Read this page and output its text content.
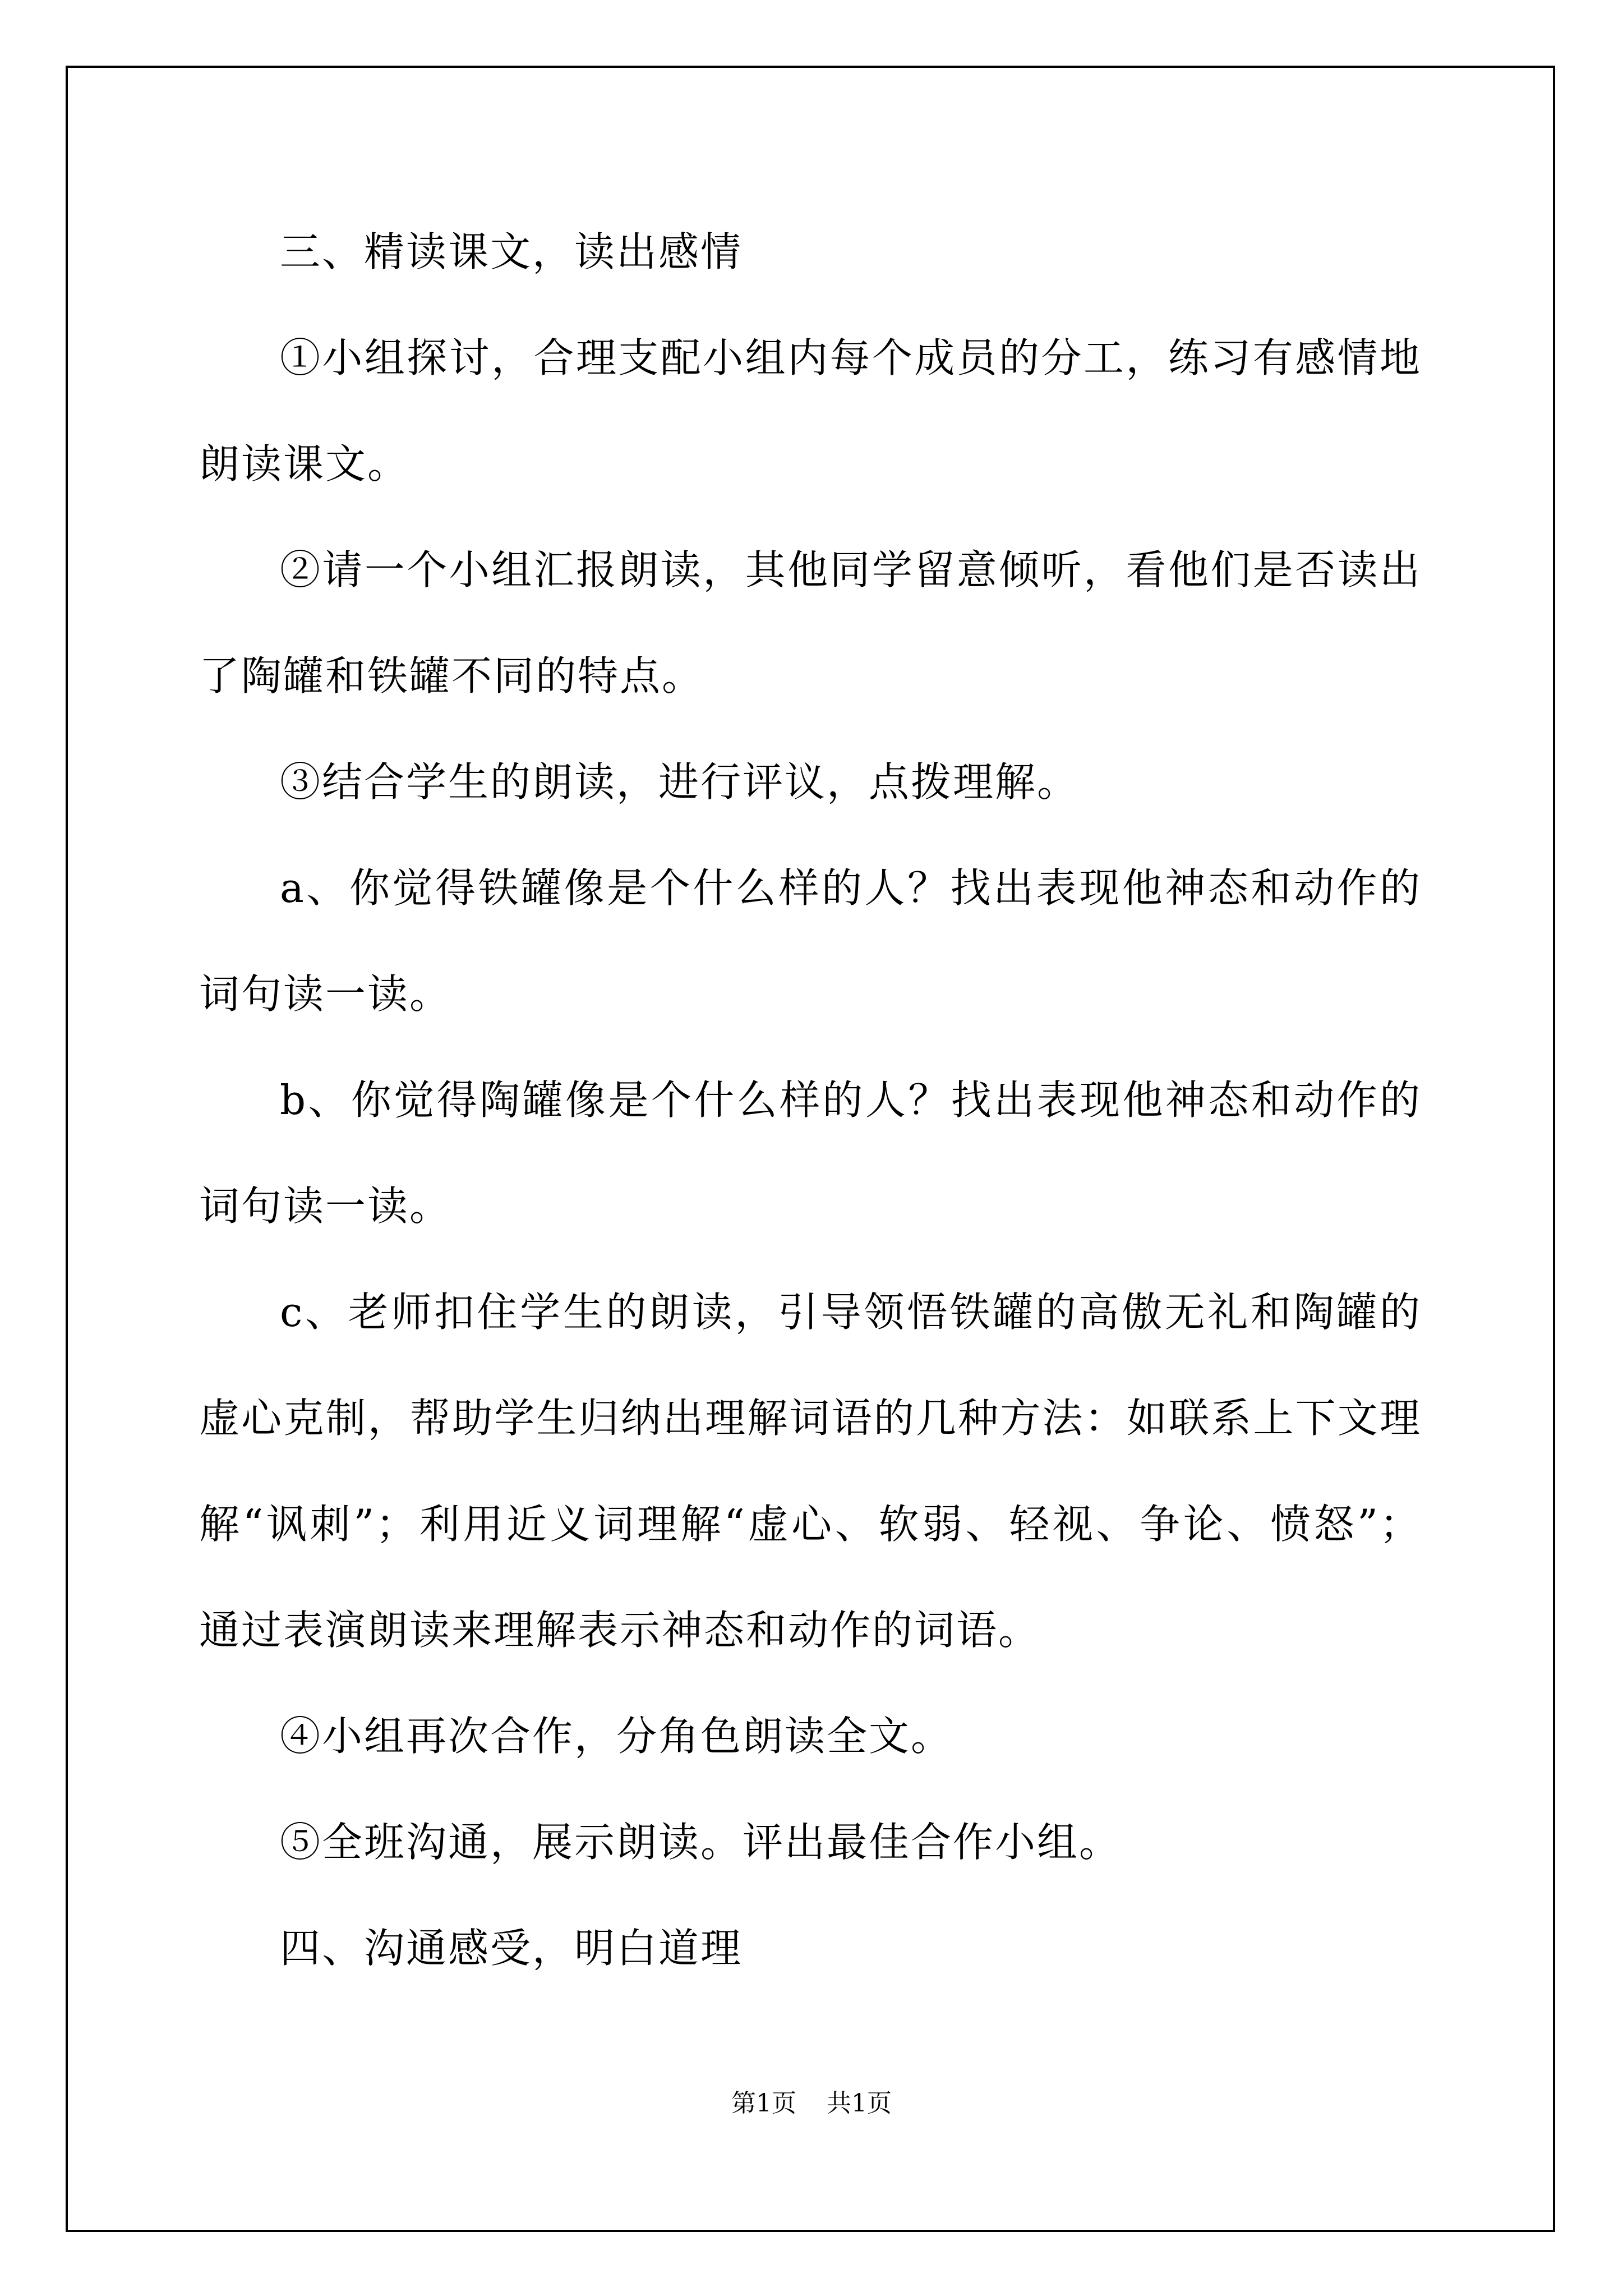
三、精读课文，读出感情

①小组探讨，合理支配小组内每个成员的分工，练习有感情地朗读课文。

②请一个小组汇报朗读，其他同学留意倾听，看他们是否读出了陶罐和铁罐不同的特点。

③结合学生的朗读，进行评议，点拨理解。

a、你觉得铁罐像是个什么样的人？找出表现他神态和动作的词句读一读。

b、你觉得陶罐像是个什么样的人？找出表现他神态和动作的词句读一读。

c、老师扣住学生的朗读，引导领悟铁罐的高傲无礼和陶罐的虚心克制，帮助学生归纳出理解词语的几种方法：如联系上下文理解“讽刺”；利用近义词理解“虚心、软弱、轻视、争论、愤怒”；通过表演朗读来理解表示神态和动作的词语。

④小组再次合作，分角色朗读全文。

⑤全班沟通，展示朗读。评出最佳合作小组。

四、沟通感受，明白道理

第1页 共1页
